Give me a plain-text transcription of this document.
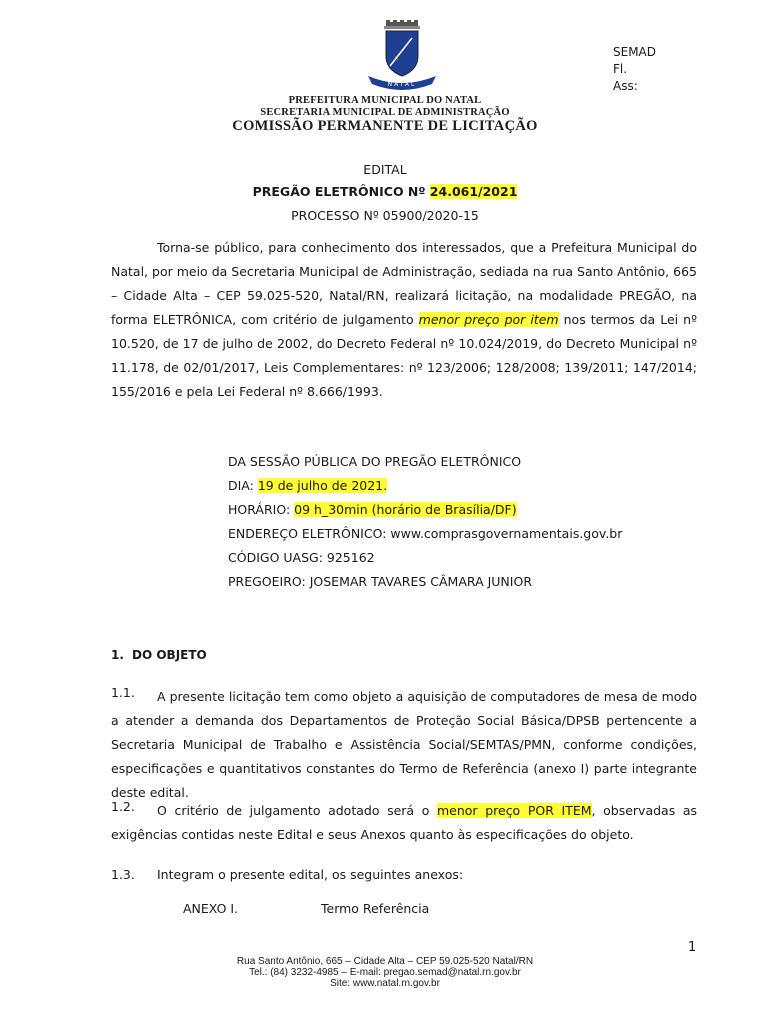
NATAL
SEMAD
Fl.
Ass:
PREFEITURA MUNICIPAL DO NATAL
SECRETARIA MUNICIPAL DE ADMINISTRAÇÃO
COMISSÃO PERMANENTE DE LICITAÇÃO
EDITAL
PREGÃO ELETRÔNICO Nº 24.061/2021
PROCESSO Nº 05900/2020-15
Torna-se público, para conhecimento dos interessados, que a Prefeitura Municipal do Natal, por meio da Secretaria Municipal de Administração, sediada na rua Santo Antônio, 665 – Cidade Alta – CEP 59.025-520, Natal/RN, realizará licitação, na modalidade PREGÃO, na forma ELETRÔNICA, com critério de julgamento menor preço por item nos termos da Lei nº 10.520, de 17 de julho de 2002, do Decreto Federal nº 10.024/2019, do Decreto Municipal nº 11.178, de 02/01/2017, Leis Complementares: nº 123/2006; 128/2008; 139/2011; 147/2014; 155/2016 e pela Lei Federal nº 8.666/1993.
DA SESSÃO PÚBLICA DO PREGÃO ELETRÔNICO
DIA: 19 de julho de 2021.
HORÁRIO: 09 h_30min (horário de Brasília/DF)
ENDEREÇO ELETRÔNICO: www.comprasgovernamentais.gov.br
CÓDIGO UASG: 925162
PREGOEIRO: JOSEMAR TAVARES CÂMARA JUNIOR
1. DO OBJETO
1.1.	A presente licitação tem como objeto a aquisição de computadores de mesa de modo a atender a demanda dos Departamentos de Proteção Social Básica/DPSB pertencente a Secretaria Municipal de Trabalho e Assistência Social/SEMTAS/PMN, conforme condições, especificações e quantitativos constantes do Termo de Referência (anexo I) parte integrante deste edital.
1.2.	O critério de julgamento adotado será o menor preço POR ITEM, observadas as exigências contidas neste Edital e seus Anexos quanto às especificações do objeto.
1.3. Integram o presente edital, os seguintes anexos:
ANEXO I.	Termo Referência
1
Rua Santo Antônio, 665 – Cidade Alta – CEP 59.025-520 Natal/RN
Tel.: (84) 3232-4985 – E-mail: pregao.semad@natal.rn.gov.br
Site: www.natal.rn.gov.br
